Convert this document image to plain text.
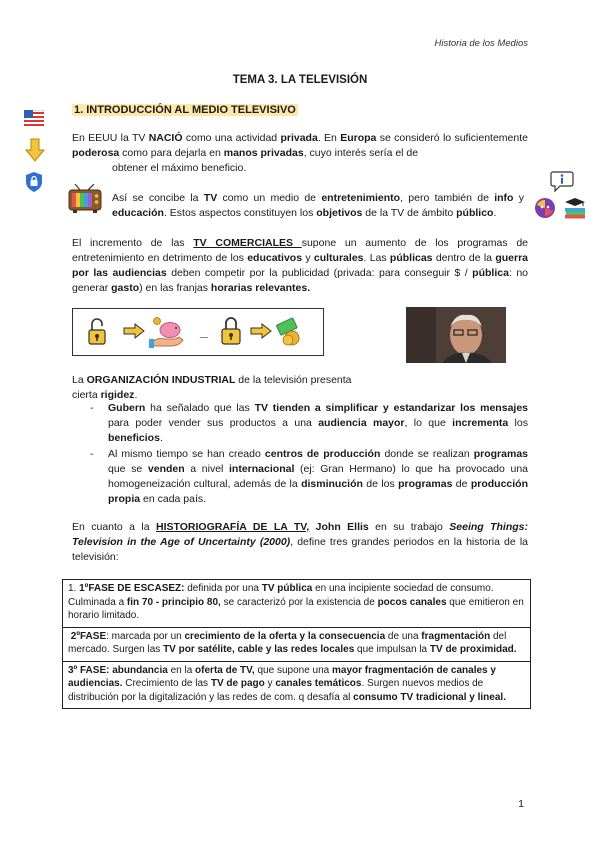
Historia de los Medios
TEMA 3. LA TELEVISIÓN
1. INTRODUCCIÓN AL MEDIO TELEVISIVO

En EEUU la TV NACIÓ como una actividad privada. En Europa se consideró lo suficientemente poderosa como para dejarla en manos privadas, cuyo interés sería el de

obtener el máximo beneficio.

Así se concibe la TV como un medio de entretenimiento, pero también de info y educación. Estos aspectos constituyen los objetivos de la TV de ámbito público.

El incremento de las TV COMERCIALES supone un aumento de los programas de entretenimiento en detrimento de los educativos y culturales. Las públicas dentro de la guerra por las audiencias deben competir por la publicidad (privada: para conseguir $ / pública: no generar gasto) en las franjas horarias relevantes.

_

La ORGANIZACIÓN INDUSTRIAL de la televisión presenta cierta rigidez.

- Gubern ha señalado que las TV tienden a simplificar y estandarizar los mensajes para poder vender sus productos a una audiencia mayor, lo que incrementa los beneficios.
- Al mismo tiempo se han creado centros de producción donde se realizan programas que se venden a nivel internacional (ej: Gran Hermano) lo que ha provocado una homogeneización cultural, además de la disminución de los programas de producción propia en cada país.

En cuanto a la HISTORIOGRAFÍA DE LA TV, John Ellis en su trabajo Seeing Things: Television in the Age of Uncertainty (2000), define tres grandes periodos en la historia de la televisión:

1. 1ºFASE DE ESCASEZ: definida por una TV pública en una incipiente sociedad de consumo. Culminada a fin 70 - principio 80, se caracterizó por la existencia de pocos canales que emitieron en horario limitado.
2ºFASE: marcada por un crecimiento de la oferta y la consecuencia de una fragmentación del mercado. Surgen las TV por satélite, cable y las redes locales que impulsan la TV de proximidad.
3º FASE: abundancia en la oferta de TV, que supone una mayor fragmentación de canales y audiencias. Crecimiento de las TV de pago y canales temáticos. Surgen nuevos medios de distribución por la digitalización y las redes de com. q desafía al consumo TV tradicional y lineal.
1
